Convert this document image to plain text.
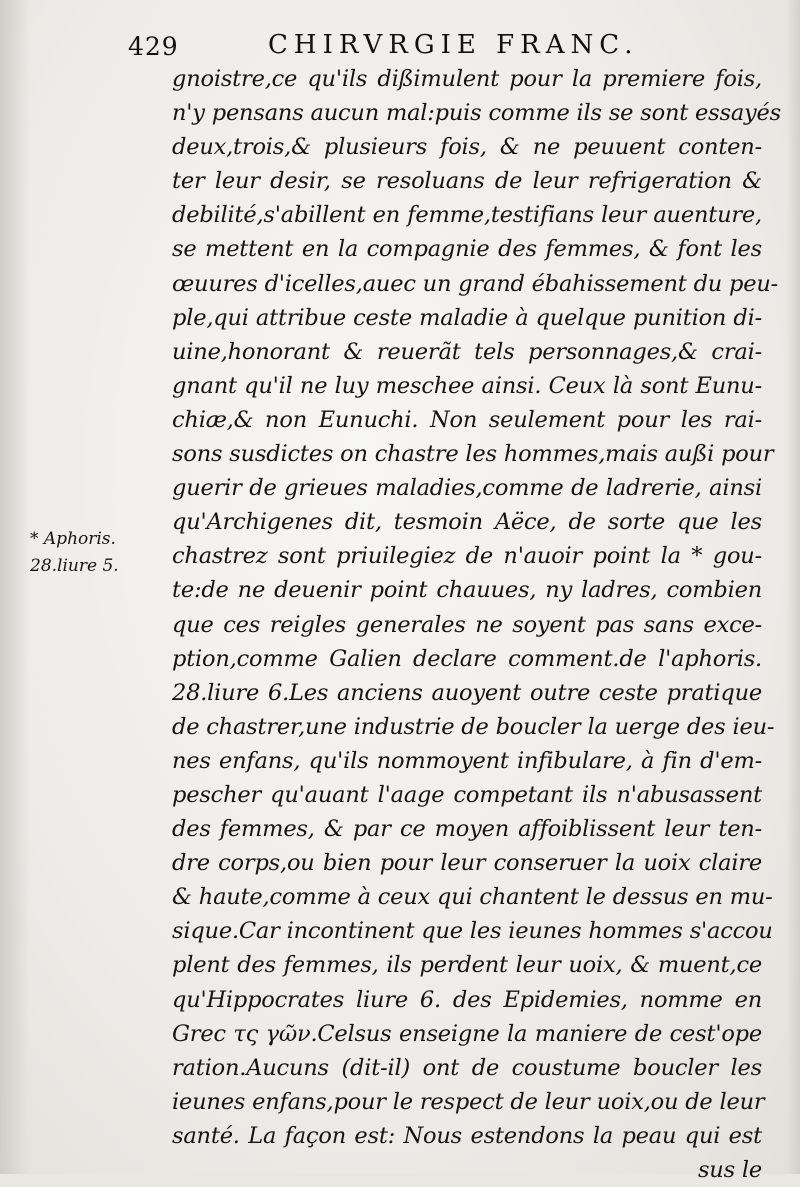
429	CHIRVRGIE FRANC.
* Aphoris.
28.liure 5.
gnoistre,ce qu'ils dißimulent pour la premiere fois,
n'y pensans aucun mal:puis comme ils se sont essayés
deux,trois,& plusieurs fois, & ne peuuent conten-
ter leur desir, se resoluans de leur refrigeration &
debilité,s'abillent en femme,testifians leur auenture,
se mettent en la compagnie des femmes, & font les
œuures d'icelles,auec un grand ébahissement du peu-
ple,qui attribue ceste maladie à quelque punition di-
uine,honorant & reuerãt tels personnages,& crai-
gnant qu'il ne luy meschee ainsi. Ceux là sont Eunu-
chiæ,& non Eunuchi. Non seulement pour les rai-
sons susdictes on chastre les hommes,mais außi pour
guerir de grieues maladies,comme de ladrerie, ainsi
qu'Archigenes dit, tesmoin Aëce, de sorte que les
chastrez sont priuilegiez de n'auoir point la * gou-
te:de ne deuenir point chauues, ny ladres, combien
que ces reigles generales ne soyent pas sans exce-
ption,comme Galien declare comment.de l'aphoris.
28.liure 6.Les anciens auoyent outre ceste pratique
de chastrer,une industrie de boucler la uerge des ieu-
nes enfans, qu'ils nommoyent infibulare, à fin d'em-
pescher qu'auant l'aage competant ils n'abusassent
des femmes, & par ce moyen affoiblissent leur ten-
dre corps,ou bien pour leur conseruer la uoix claire
& haute,comme à ceux qui chantent le dessus en mu-
sique.Car incontinent que les ieunes hommes s'accou
plent des femmes, ils perdent leur uoix, & muent,ce
qu'Hippocrates liure 6. des Epidemies, nomme en
Grec τς γῶν.Celsus enseigne la maniere de cest'ope
ration.Aucuns (dit-il) ont de coustume boucler les
ieunes enfans,pour le respect de leur uoix,ou de leur
santé. La façon est: Nous estendons la peau qui est
sus le
